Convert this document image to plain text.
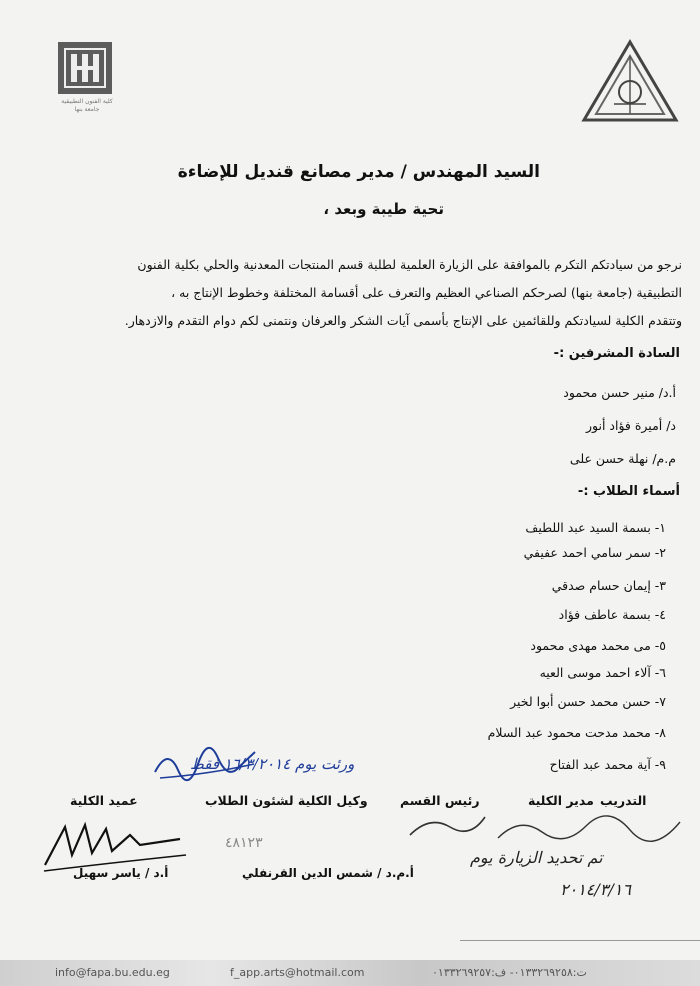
كلية الفنون التطبيقية
جامعة بنها
السيد المهندس / مدير مصانع قنديل للإضاءة
تحية طيبة وبعد ،
نرجو من سيادتكم التكرم بالموافقة على الزيارة العلمية لطلبة قسم المنتجات المعدنية والحلي بكلية الفنون
التطبيقية (جامعة بنها) لصرحكم الصناعي العظيم والتعرف على أقسامة المختلفة وخطوط الإنتاج به ،
وتتقدم الكلية لسيادتكم وللقائمين على الإنتاج بأسمى آيات الشكر والعرفان ونتمنى لكم دوام التقدم والازدهار.
السادة المشرفين :-
أ.د/ منير حسن محمود
د/ أميرة فؤاد أنور
م.م/ نهلة حسن على
أسماء الطلاب :-
١- بسمة السيد عبد اللطيف
٢- سمر سامي احمد عفيفي
٣- إيمان حسام صدقي
٤- بسمة عاطف فؤاد
٥- مى محمد مهدى محمود
٦- آلاء احمد موسى العيه
٧- حسن محمد حسن أبوا لخير
٨- محمد مدحت محمود عبد السلام
٩- آية محمد عبد الفتاح
ورئت يوم ١٦/٣/٢٠١٤ فقط
عميد الكلية	وكيل الكلية لشئون الطلاب	رئيس القسم	مدير الكلية التدريب
٤٨١٢٣
تم تحديد الزيارة يوم
٢٠١٤/٣/١٦
أ.د / ياسر سهيل	أ.م.د / شمس الدين القرنفلي
info@fapa.bu.edu.eg	f_app.arts@hotmail.com	ت:٠١٣٣٢٦٩٢٥٨- ف:٠١٣٣٢٦٩٢٥٧
